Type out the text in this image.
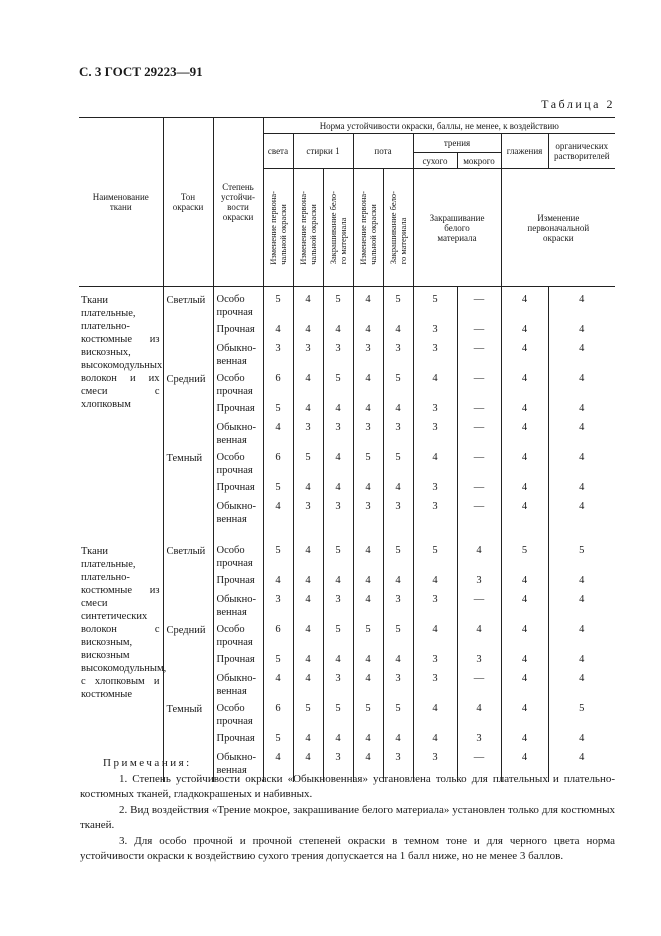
С. 3 ГОСТ 29223—91
Таблица 2
Наименование
ткани	Тон
окраски	Степень
устойчи-
вости
окраски	Норма устойчивости окраски, баллы, не менее, к воздействию								
			света	стирки 1		пота		трения		глажения	органических
растворителей
								сухого	мокрого		

			Изменение первона-
чальной окраски	Изменение первона-
чальной окраски	Закрашивание бело-
го материала	Изменение первона-
чальной окраски	Закрашивание бело-
го материала	Закрашивание
белого
материала		Изменение
первоначальной
окраски	

Ткани плательные, плательно-костюмные из вискозных, высокомодульных волокон и их смеси с хлопковым	Светлый	Особо
прочная	5	4	5	4	5	5	—	4	4
		Прочная	4	4	4	4	4	3	—	4	4
		Обыкно-
венная	3	3	3	3	3	3	—	4	4
	Средний	Особо
прочная	6	4	5	4	5	4	—	4	4
		Прочная	5	4	4	4	4	3	—	4	4
		Обыкно-
венная	4	3	3	3	3	3	—	4	4
	Темный	Особо
прочная	6	5	4	5	5	4	—	4	4
		Прочная	5	4	4	4	4	3	—	4	4
		Обыкно-
венная	4	3	3	3	3	3	—	4	4

Ткани плательные, плательно-костюмные из смеси синтетических волокон с вискозным, вискозным высокомодульным, с хлопковым и костюмные	Светлый	Особо
прочная	5	4	5	4	5	5	4	5	5
		Прочная	4	4	4	4	4	4	3	4	4
		Обыкно-
венная	3	4	3	4	3	3	—	4	4
	Средний	Особо
прочная	6	4	5	5	5	4	4	4	4
		Прочная	5	4	4	4	4	3	3	4	4
		Обыкно-
венная	4	4	3	4	3	3	—	4	4
	Темный	Особо
прочная	6	5	5	5	5	4	4	4	5
		Прочная	5	4	4	4	4	4	3	4	4
		Обыкно-
венная	4	4	3	4	3	3	—	4	4
Примечания:

1. Степень устойчивости окраски «Обыкновенная» установлена только для плательных и плательно-костюмных тканей, гладкокрашеных и набивных.

2. Вид воздействия «Трение мокрое, закрашивание белого материала» установлен только для костюмных тканей.

3. Для особо прочной и прочной степеней окраски в темном тоне и для черного цвета норма устойчивости окраски к воздействию сухого трения допускается на 1 балл ниже, но не менее 3 баллов.
